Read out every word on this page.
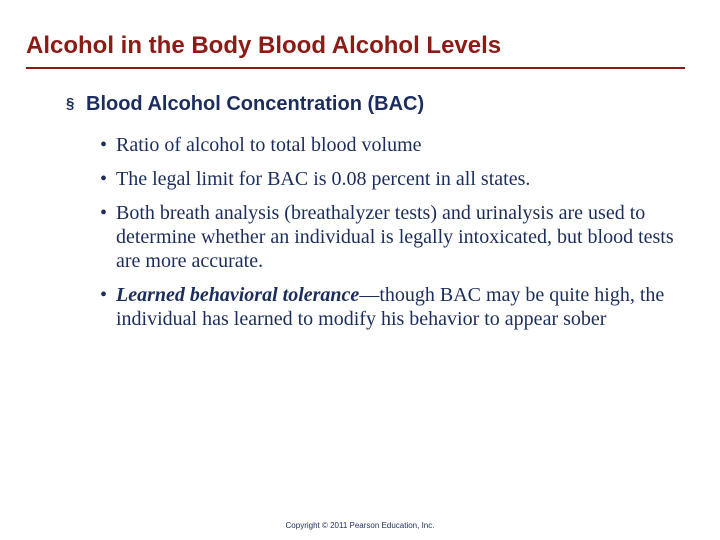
Alcohol in the Body Blood Alcohol Levels
§ Blood Alcohol Concentration (BAC)
• Ratio of alcohol to total blood volume
• The legal limit for BAC is 0.08 percent in all states.
• Both breath analysis (breathalyzer tests) and urinalysis are used to determine whether an individual is legally intoxicated, but blood tests are more accurate.
• Learned behavioral tolerance—though BAC may be quite high, the individual has learned to modify his behavior to appear sober
Copyright © 2011 Pearson Education, Inc.
